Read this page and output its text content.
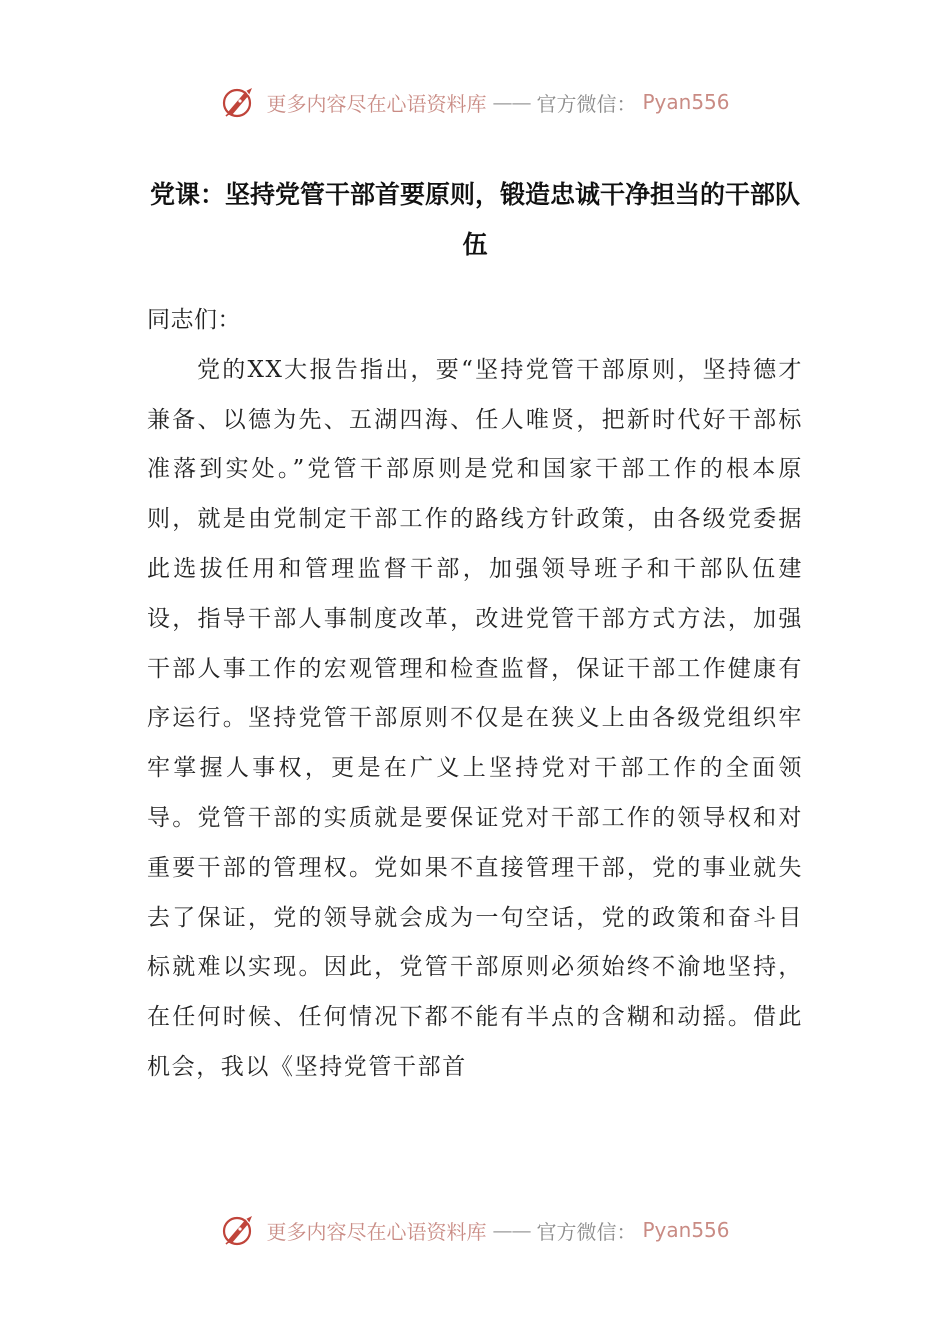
更多内容尽在心语资料库 —— 官方微信： Pyan556
党课：坚持党管干部首要原则，锻造忠诚干净担当的干部队伍

同志们：

党的XX大报告指出，要“坚持党管干部原则，坚持德才兼备、以德为先、五湖四海、任人唯贤，把新时代好干部标准落到实处。”党管干部原则是党和国家干部工作的根本原则，就是由党制定干部工作的路线方针政策，由各级党委据此选拔任用和管理监督干部，加强领导班子和干部队伍建设，指导干部人事制度改革，改进党管干部方式方法，加强干部人事工作的宏观管理和检查监督，保证干部工作健康有序运行。坚持党管干部原则不仅是在狭义上由各级党组织牢牢掌握人事权，更是在广义上坚持党对干部工作的全面领导。党管干部的实质就是要保证党对干部工作的领导权和对重要干部的管理权。党如果不直接管理干部，党的事业就失去了保证，党的领导就会成为一句空话，党的政策和奋斗目标就难以实现。因此，党管干部原则必须始终不渝地坚持，在任何时候、任何情况下都不能有半点的含糊和动摇。借此机会，我以《坚持党管干部首

更多内容尽在心语资料库 —— 官方微信： Pyan556
